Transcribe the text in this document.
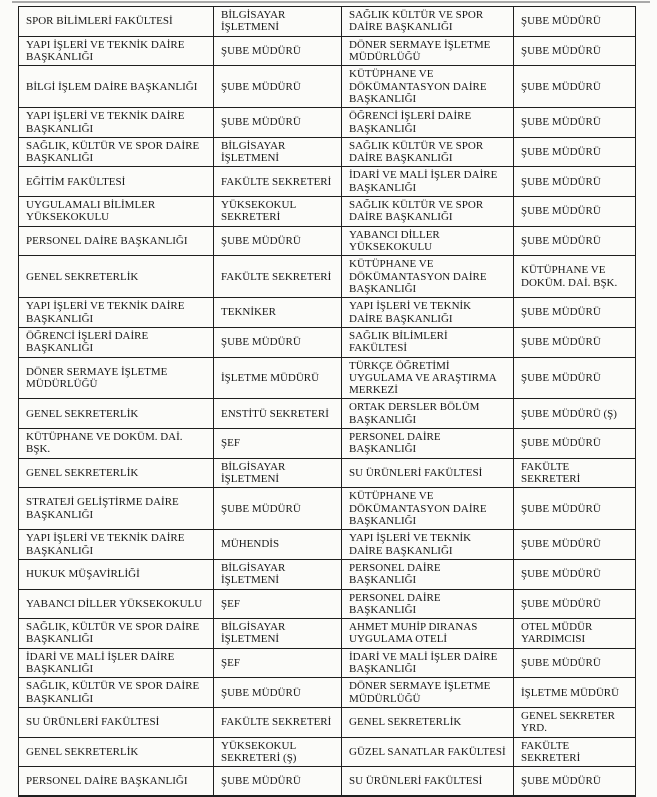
SPOR BİLİMLERİ FAKÜLTESİ	BİLGİSAYAR İŞLETMENİ	SAĞLIK KÜLTÜR VE SPOR DAİRE BAŞKANLIĞI	ŞUBE MÜDÜRÜ
YAPI İŞLERİ VE TEKNİK DAİRE BAŞKANLIĞI	ŞUBE MÜDÜRÜ	DÖNER SERMAYE İŞLETME MÜDÜRLÜĞÜ	ŞUBE MÜDÜRÜ
BİLGİ İŞLEM DAİRE BAŞKANLIĞI	ŞUBE MÜDÜRÜ	KÜTÜPHANE VE DÖKÜMANTASYON DAİRE BAŞKANLIĞI	ŞUBE MÜDÜRÜ
YAPI İŞLERİ VE TEKNİK DAİRE BAŞKANLIĞI	ŞUBE MÜDÜRÜ	ÖĞRENCİ İŞLERİ DAİRE BAŞKANLIĞI	ŞUBE MÜDÜRÜ
SAĞLIK, KÜLTÜR VE SPOR DAİRE BAŞKANLIĞI	BİLGİSAYAR İŞLETMENİ	SAĞLIK KÜLTÜR VE SPOR DAİRE BAŞKANLIĞI	ŞUBE MÜDÜRÜ
EĞİTİM FAKÜLTESİ	FAKÜLTE SEKRETERİ	İDARİ VE MALİ İŞLER DAİRE BAŞKANLIĞI	ŞUBE MÜDÜRÜ
UYGULAMALI BİLİMLER YÜKSEKOKULU	YÜKSEKOKUL SEKRETERİ	SAĞLIK KÜLTÜR VE SPOR DAİRE BAŞKANLIĞI	ŞUBE MÜDÜRÜ
PERSONEL DAİRE BAŞKANLIĞI	ŞUBE MÜDÜRÜ	YABANCI DİLLER YÜKSEKOKULU	ŞUBE MÜDÜRÜ
GENEL SEKRETERLİK	FAKÜLTE SEKRETERİ	KÜTÜPHANE VE DÖKÜMANTASYON DAİRE BAŞKANLIĞI	KÜTÜPHANE VE DOKÜM. DAİ. BŞK.
YAPI İŞLERİ VE TEKNİK DAİRE BAŞKANLIĞI	TEKNİKER	YAPI İŞLERİ VE TEKNİK DAİRE BAŞKANLIĞI	ŞUBE MÜDÜRÜ
ÖĞRENCİ İŞLERİ DAİRE BAŞKANLIĞI	ŞUBE MÜDÜRÜ	SAĞLIK BİLİMLERİ FAKÜLTESİ	ŞUBE MÜDÜRÜ
DÖNER SERMAYE İŞLETME MÜDÜRLÜĞÜ	İŞLETME MÜDÜRÜ	TÜRKÇE ÖĞRETİMİ UYGULAMA VE ARAŞTIRMA MERKEZİ	ŞUBE MÜDÜRÜ
GENEL SEKRETERLİK	ENSTİTÜ SEKRETERİ	ORTAK DERSLER BÖLÜM BAŞKANLIĞI	ŞUBE MÜDÜRÜ (Ş)
KÜTÜPHANE VE DOKÜM. DAİ. BŞK.	ŞEF	PERSONEL DAİRE BAŞKANLIĞI	ŞUBE MÜDÜRÜ
GENEL SEKRETERLİK	BİLGİSAYAR İŞLETMENİ	SU ÜRÜNLERİ FAKÜLTESİ	FAKÜLTE SEKRETERİ
STRATEJİ GELİŞTİRME DAİRE BAŞKANLIĞI	ŞUBE MÜDÜRÜ	KÜTÜPHANE VE DÖKÜMANTASYON DAİRE BAŞKANLIĞI	ŞUBE MÜDÜRÜ
YAPI İŞLERİ VE TEKNİK DAİRE BAŞKANLIĞI	MÜHENDİS	YAPI İŞLERİ VE TEKNİK DAİRE BAŞKANLIĞI	ŞUBE MÜDÜRÜ
HUKUK MÜŞAVİRLİĞİ	BİLGİSAYAR İŞLETMENİ	PERSONEL DAİRE BAŞKANLIĞI	ŞUBE MÜDÜRÜ
YABANCI DİLLER YÜKSEKOKULU	ŞEF	PERSONEL DAİRE BAŞKANLIĞI	ŞUBE MÜDÜRÜ
SAĞLIK, KÜLTÜR VE SPOR DAİRE BAŞKANLIĞI	BİLGİSAYAR İŞLETMENİ	AHMET MUHİP DIRANAS UYGULAMA OTELİ	OTEL MÜDÜR YARDIMCISI
İDARİ VE MALİ İŞLER DAİRE BAŞKANLIĞI	ŞEF	İDARİ VE MALİ İŞLER DAİRE BAŞKANLIĞI	ŞUBE MÜDÜRÜ
SAĞLIK, KÜLTÜR VE SPOR DAİRE BAŞKANLIĞI	ŞUBE MÜDÜRÜ	DÖNER SERMAYE İŞLETME MÜDÜRLÜĞÜ	İŞLETME MÜDÜRÜ
SU ÜRÜNLERİ FAKÜLTESİ	FAKÜLTE SEKRETERİ	GENEL SEKRETERLİK	GENEL SEKRETER YRD.
GENEL SEKRETERLİK	YÜKSEKOKUL SEKRETERİ (Ş)	GÜZEL SANATLAR FAKÜLTESİ	FAKÜLTE SEKRETERİ
PERSONEL DAİRE BAŞKANLIĞI	ŞUBE MÜDÜRÜ	SU ÜRÜNLERİ FAKÜLTESİ	ŞUBE MÜDÜRÜ
